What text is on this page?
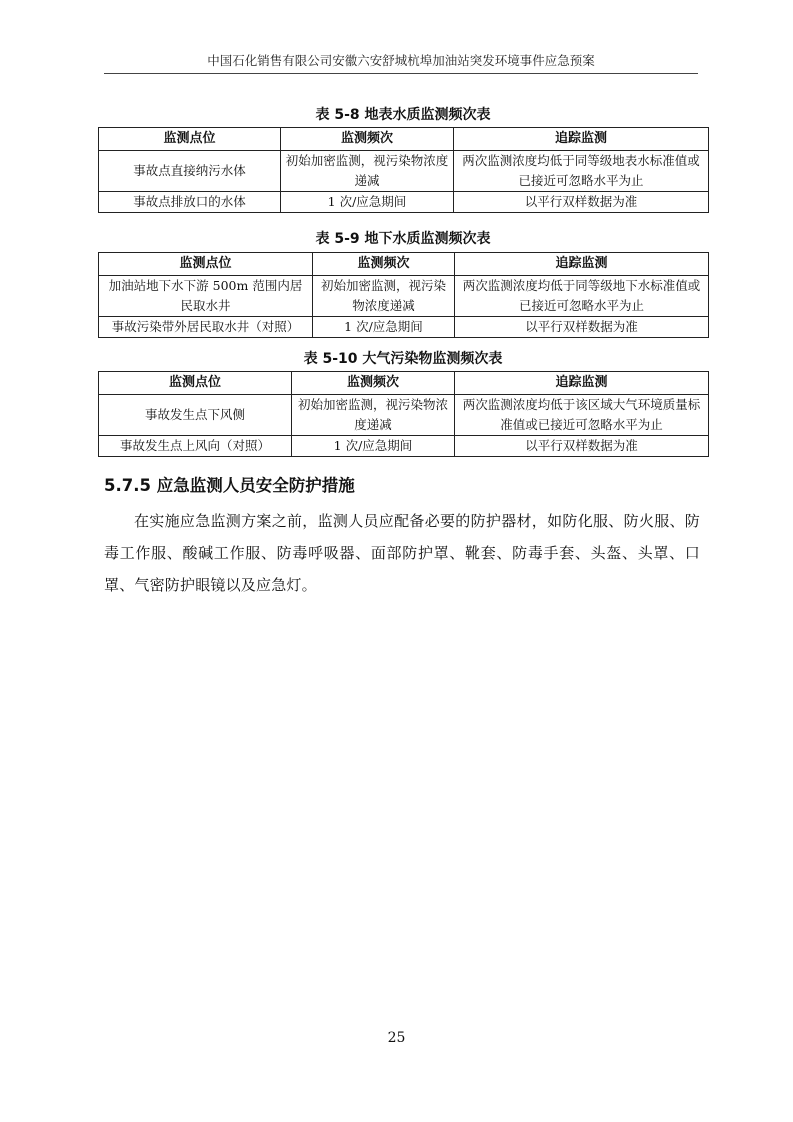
中国石化销售有限公司安徽六安舒城杭埠加油站突发环境事件应急预案
表 5-8 地表水质监测频次表
监测点位	监测频次	追踪监测
事故点直接纳污水体	初始加密监测，视污染物浓度递减	两次监测浓度均低于同等级地表水标准值或已接近可忽略水平为止
事故点排放口的水体	1 次/应急期间	以平行双样数据为准
表 5-9 地下水质监测频次表
监测点位	监测频次	追踪监测
加油站地下水下游 500m 范围内居民取水井	初始加密监测，视污染物浓度递减	两次监测浓度均低于同等级地下水标准值或已接近可忽略水平为止
事故污染带外居民取水井（对照）	1 次/应急期间	以平行双样数据为准
表 5-10 大气污染物监测频次表
监测点位	监测频次	追踪监测
事故发生点下风侧	初始加密监测，视污染物浓度递减	两次监测浓度均低于该区域大气环境质量标准值或已接近可忽略水平为止
事故发生点上风向（对照）	1 次/应急期间	以平行双样数据为准
5.7.5 应急监测人员安全防护措施
在实施应急监测方案之前，监测人员应配备必要的防护器材，如防化服、防火服、防毒工作服、酸碱工作服、防毒呼吸器、面部防护罩、靴套、防毒手套、头盔、头罩、口罩、气密防护眼镜以及应急灯。
25
